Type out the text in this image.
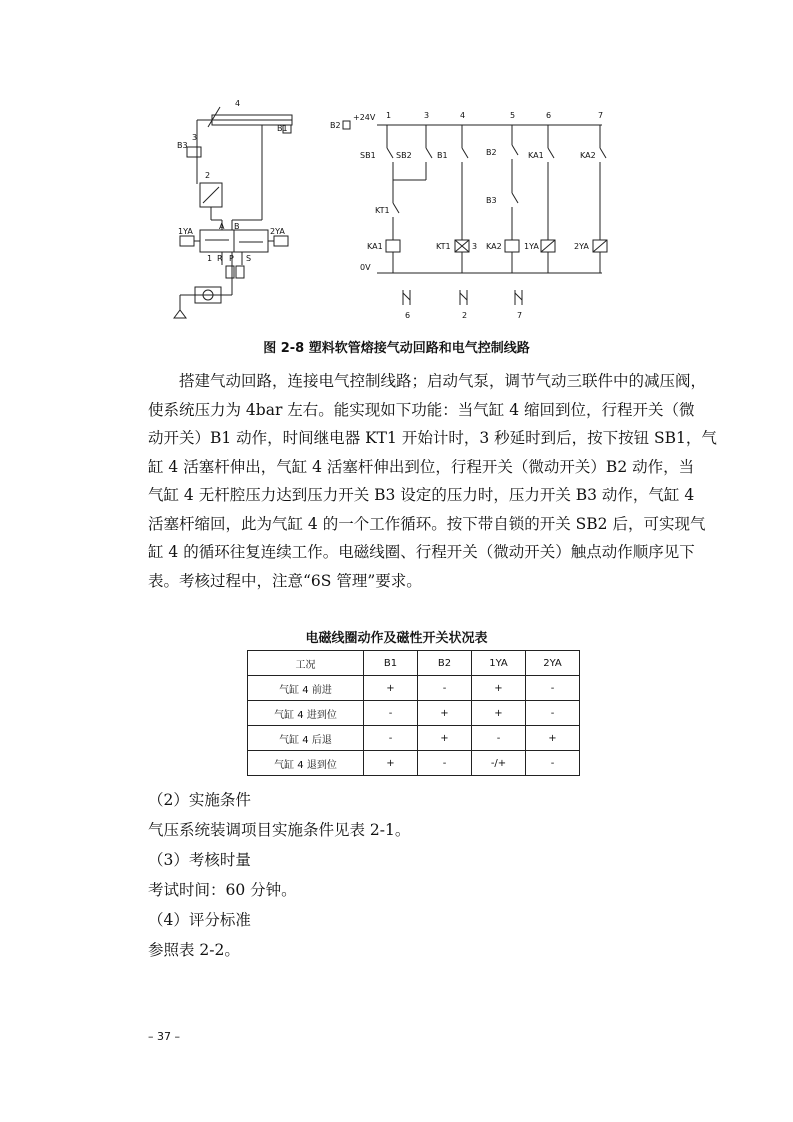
4
B1
B3
3
2
A B
1YA	2YA
1 R P S
B2
+24V 1	3	4	5	6	7
SB1	SB2	B1	B2
B3
KA1	KA2
KT1
KA1	KT1	3 KA2	1YA	2YA
0V
6	2	7
图 2-8 塑料软管熔接气动回路和电气控制线路
搭建气动回路，连接电气控制线路；启动气泵，调节气动三联件中的减压阀，
使系统压力为 4bar 左右。能实现如下功能：当气缸 4 缩回到位，行程开关（微
动开关）B1 动作，时间继电器 KT1 开始计时，3 秒延时到后，按下按钮 SB1，气
缸 4 活塞杆伸出，气缸 4 活塞杆伸出到位，行程开关（微动开关）B2 动作，当
气缸 4 无杆腔压力达到压力开关 B3 设定的压力时，压力开关 B3 动作，气缸 4
活塞杆缩回，此为气缸 4 的一个工作循环。按下带自锁的开关 SB2 后，可实现气
缸 4 的循环往复连续工作。电磁线圈、行程开关（微动开关）触点动作顺序见下
表。考核过程中，注意“6S 管理”要求。
电磁线圈动作及磁性开关状况表
工况	B1	B2	1YA	2YA
气缸 4 前进	+	-	+	-
气缸 4 进到位	-	+	+	-
气缸 4 后退	-	+	-	+
气缸 4 退到位	+	-	-/+	-

（2）实施条件

气压系统装调项目实施条件见表 2-1。

（3）考核时量

考试时间：60 分钟。

（4）评分标准

参照表 2-2。

– 37 –
